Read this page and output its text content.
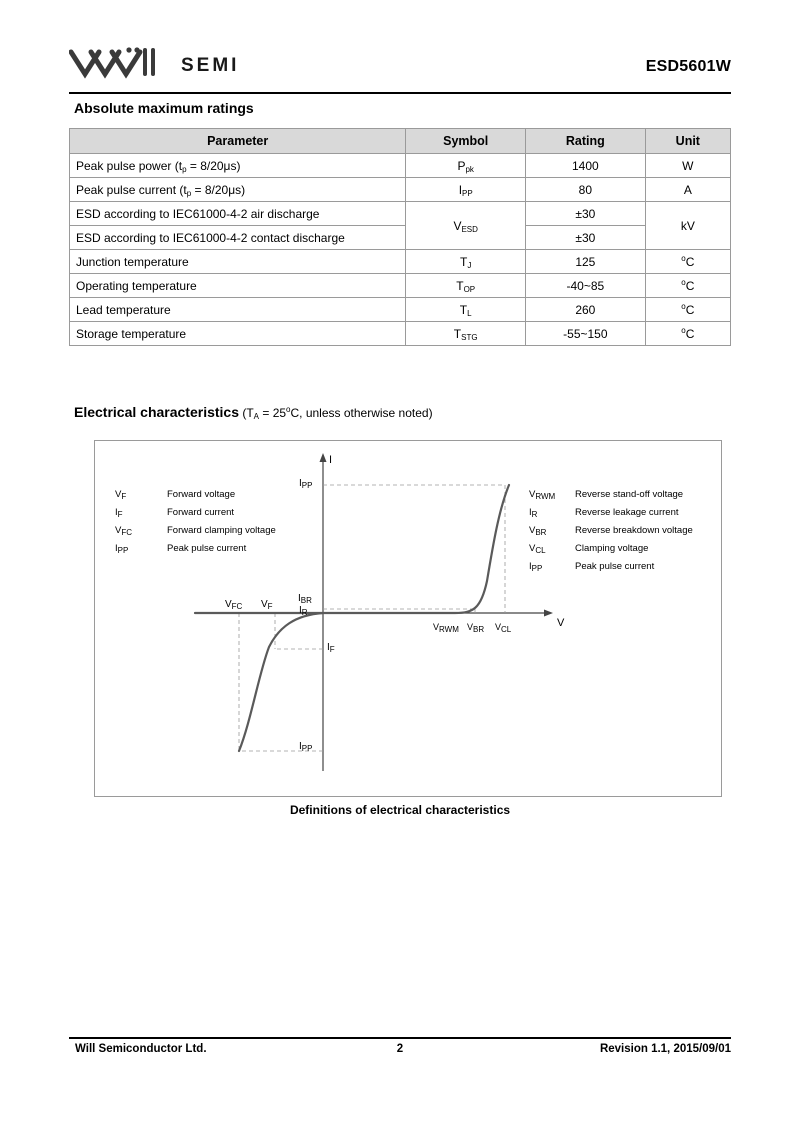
SEMI	ESD5601W
Absolute maximum ratings
Parameter	Symbol	Rating	Unit
Peak pulse power $(t_p = 8/20\mu s)$	$P_{pk}$	1400	W
Peak pulse current $(t_p = 8/20\mu s)$	$I_{PP}$	80	A
ESD according to IEC61000-4-2 air discharge	$V_{ESD}$	±30	kV
ESD according to IEC61000-4-2 contact discharge		±30	
Junction temperature	$T_J$	125	$^o$C
Operating temperature	$T_{OP}$	-40~85	$^o$C
Lead temperature	$T_L$	260	$^o$C
Storage temperature	$T_{STG}$	-55~150	$^o$C
Electrical characteristics ($T_A = 25^oC$, unless otherwise noted)
$V_F$	Forward voltage
$I_F$	Forward current
$V_{FC}$	Forward clamping voltage
$I_{PP}$	Peak pulse current
$V_{RWM}$	Reverse stand-off voltage
$I_R$	Reverse leakage current
$V_{BR}$	Reverse breakdown voltage
$V_{CL}$	Clamping voltage
$I_{PP}$	Peak pulse current
I
V
$I_{PP}$
$I_{PP}$
$I_{BR}$
$I_R$
$I_F$
$V_{FC}$ $V_F$
$V_{RWM}$ $V_{BR}$ $V_{CL}$
Definitions of electrical characteristics
Will Semiconductor Ltd.	2	Revision 1.1, 2015/09/01
